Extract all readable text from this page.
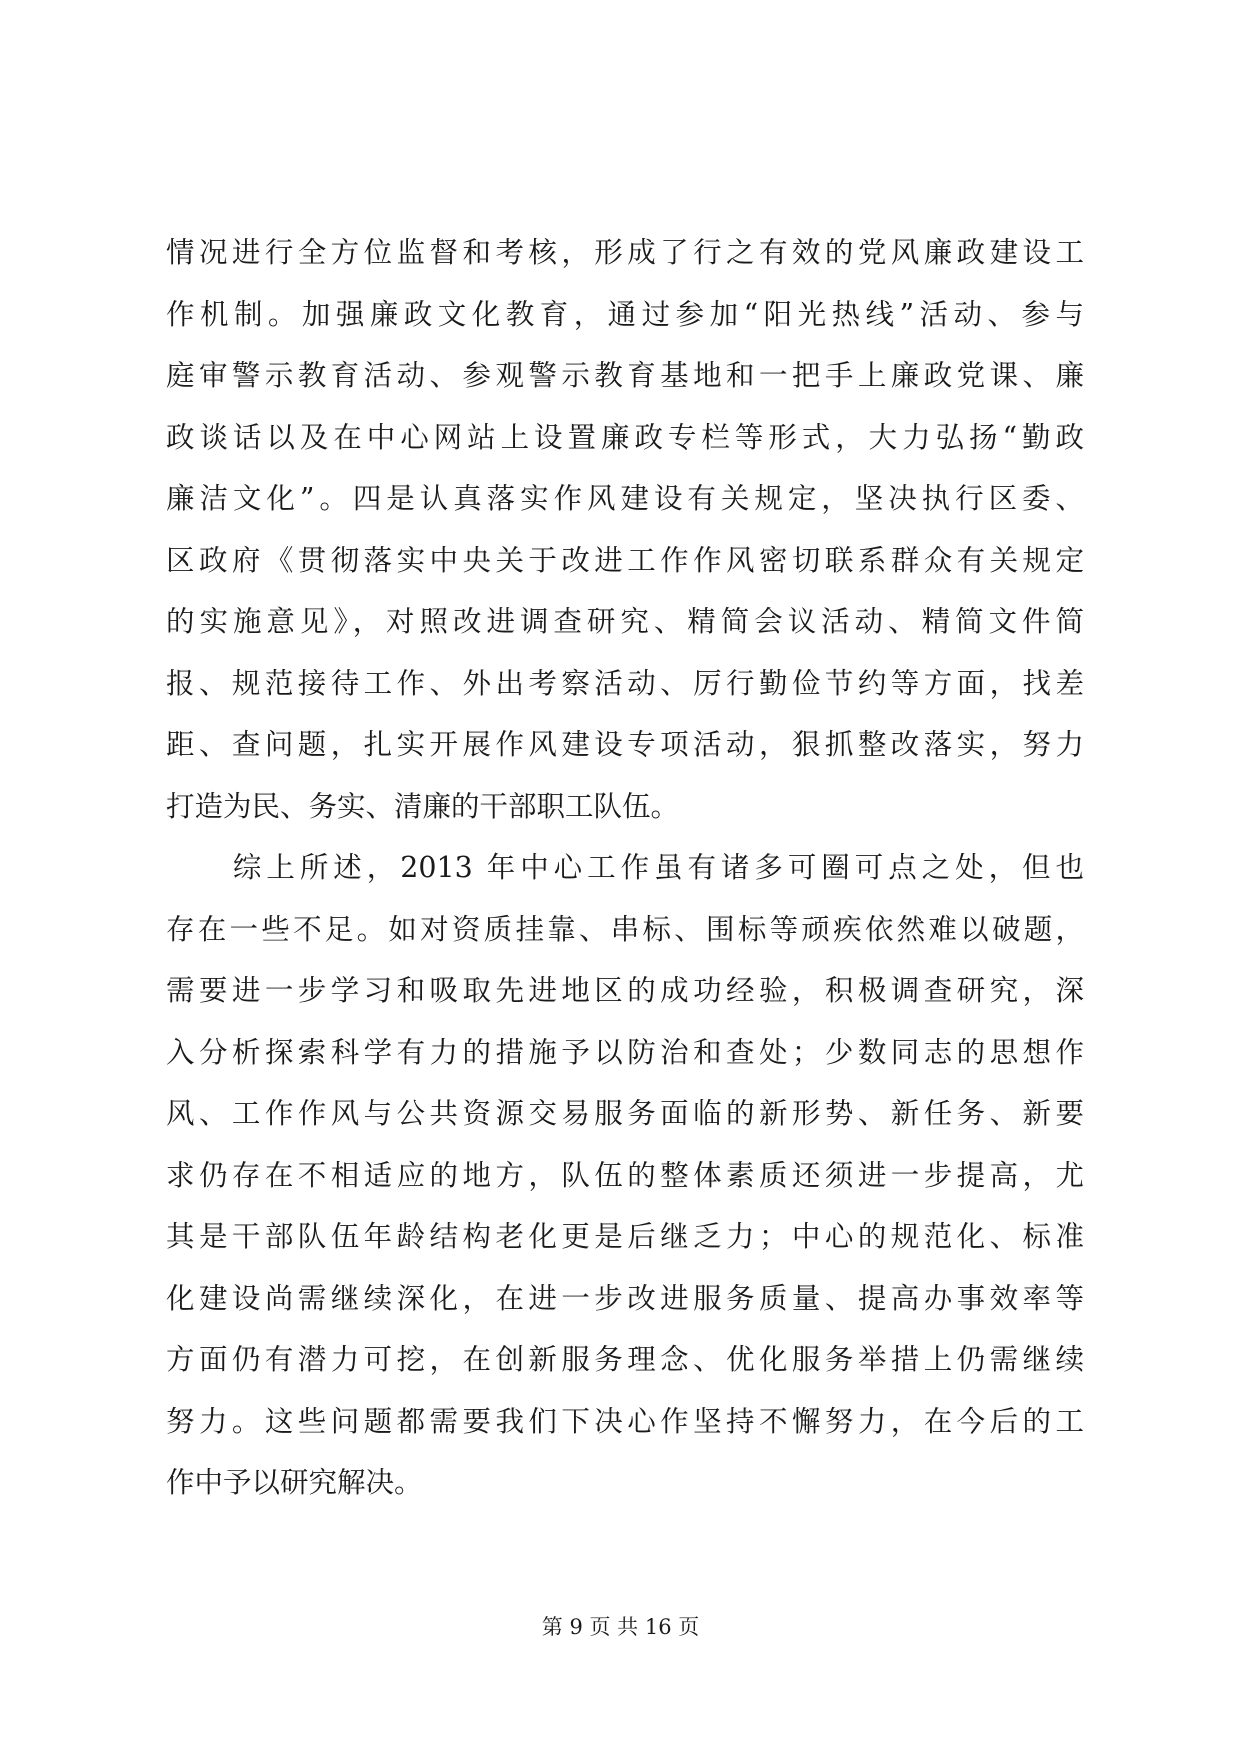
情况进行全方位监督和考核，形成了行之有效的党风廉政建设工
作机制。加强廉政文化教育，通过参加“阳光热线”活动、参与
庭审警示教育活动、参观警示教育基地和一把手上廉政党课、廉
政谈话以及在中心网站上设置廉政专栏等形式，大力弘扬“勤政
廉洁文化”。四是认真落实作风建设有关规定，坚决执行区委、
区政府《贯彻落实中央关于改进工作作风密切联系群众有关规定
的实施意见》，对照改进调查研究、精简会议活动、精简文件简
报、规范接待工作、外出考察活动、厉行勤俭节约等方面，找差
距、查问题，扎实开展作风建设专项活动，狠抓整改落实，努力
打造为民、务实、清廉的干部职工队伍。
　　综上所述，2013 年中心工作虽有诸多可圈可点之处，但也
存在一些不足。如对资质挂靠、串标、围标等顽疾依然难以破题，
需要进一步学习和吸取先进地区的成功经验，积极调查研究，深
入分析探索科学有力的措施予以防治和查处；少数同志的思想作
风、工作作风与公共资源交易服务面临的新形势、新任务、新要
求仍存在不相适应的地方，队伍的整体素质还须进一步提高，尤
其是干部队伍年龄结构老化更是后继乏力；中心的规范化、标准
化建设尚需继续深化，在进一步改进服务质量、提高办事效率等
方面仍有潜力可挖，在创新服务理念、优化服务举措上仍需继续
努力。这些问题都需要我们下决心作坚持不懈努力，在今后的工
作中予以研究解决。
第 9 页 共 16 页
